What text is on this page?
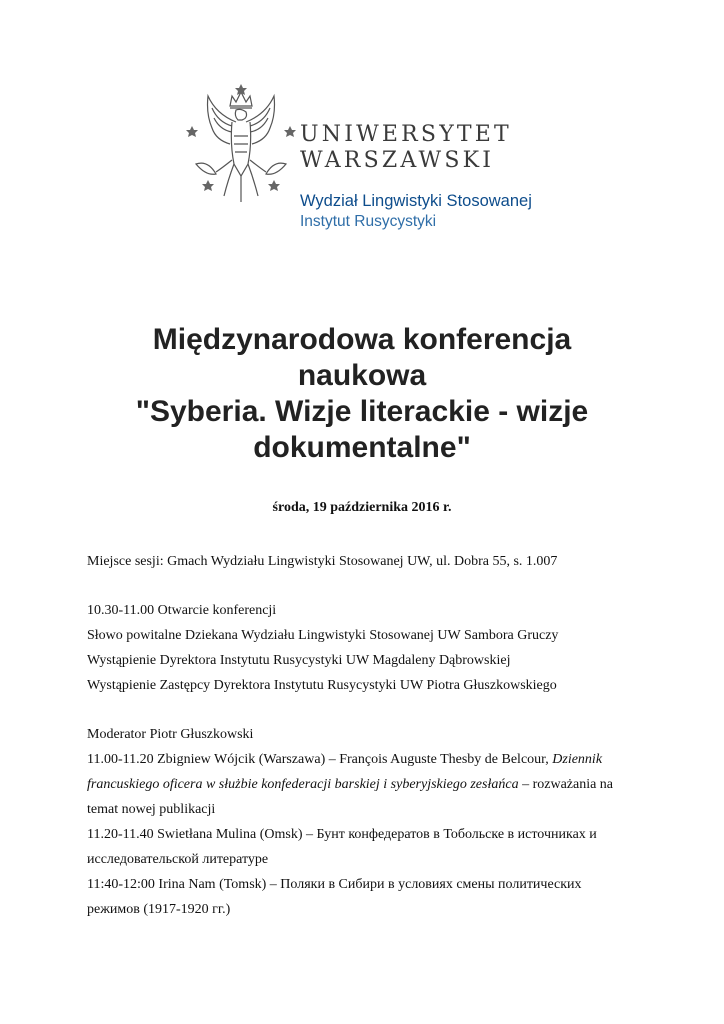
UNIWERSYTET
WARSZAWSKI
Wydział Lingwistyki Stosowanej
Instytut Rusycystyki
Międzynarodowa konferencja
naukowa
"Syberia. Wizje literackie - wizje
dokumentalne"
środa, 19 października 2016 r.
Miejsce sesji: Gmach Wydziału Lingwistyki Stosowanej UW, ul. Dobra 55, s. 1.007
10.30-11.00 Otwarcie konferencji
Słowo powitalne Dziekana Wydziału Lingwistyki Stosowanej UW Sambora Gruczy
Wystąpienie Dyrektora Instytutu Rusycystyki UW Magdaleny Dąbrowskiej
Wystąpienie Zastępcy Dyrektora Instytutu Rusycystyki UW Piotra Głuszkowskiego
Moderator Piotr Głuszkowski
11.00-11.20 Zbigniew Wójcik (Warszawa) – François Auguste Thesby de Belcour, Dziennik
francuskiego oficera w służbie konfederacji barskiej i syberyjskiego zesłańca – rozważania na
temat nowej publikacji
11.20-11.40 Swietłana Mulina (Omsk) – Бунт конфедератов в Тобольске в источниках и
исследовательской литературе
11:40-12:00 Irina Nam (Tomsk) – Поляки в Сибири в условиях смены политических
режимов (1917-1920 гг.)
